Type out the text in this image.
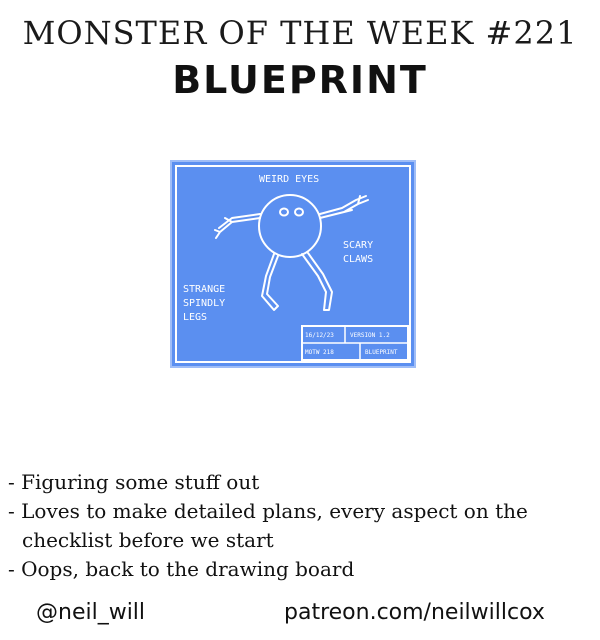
MONSTER OF THE WEEK #221
BLUEPRINT
WEIRD EYES
SCARY
CLAWS
STRANGE
SPINDLY
LEGS
16/12/23	VERSION 1.2
MOTW 218	BLUEPRINT
- Figuring some stuff out
- Loves to make detailed plans, every aspect on the
checklist before we start
- Oops, back to the drawing board
@neil_will	patreon.com/neilwillcox
